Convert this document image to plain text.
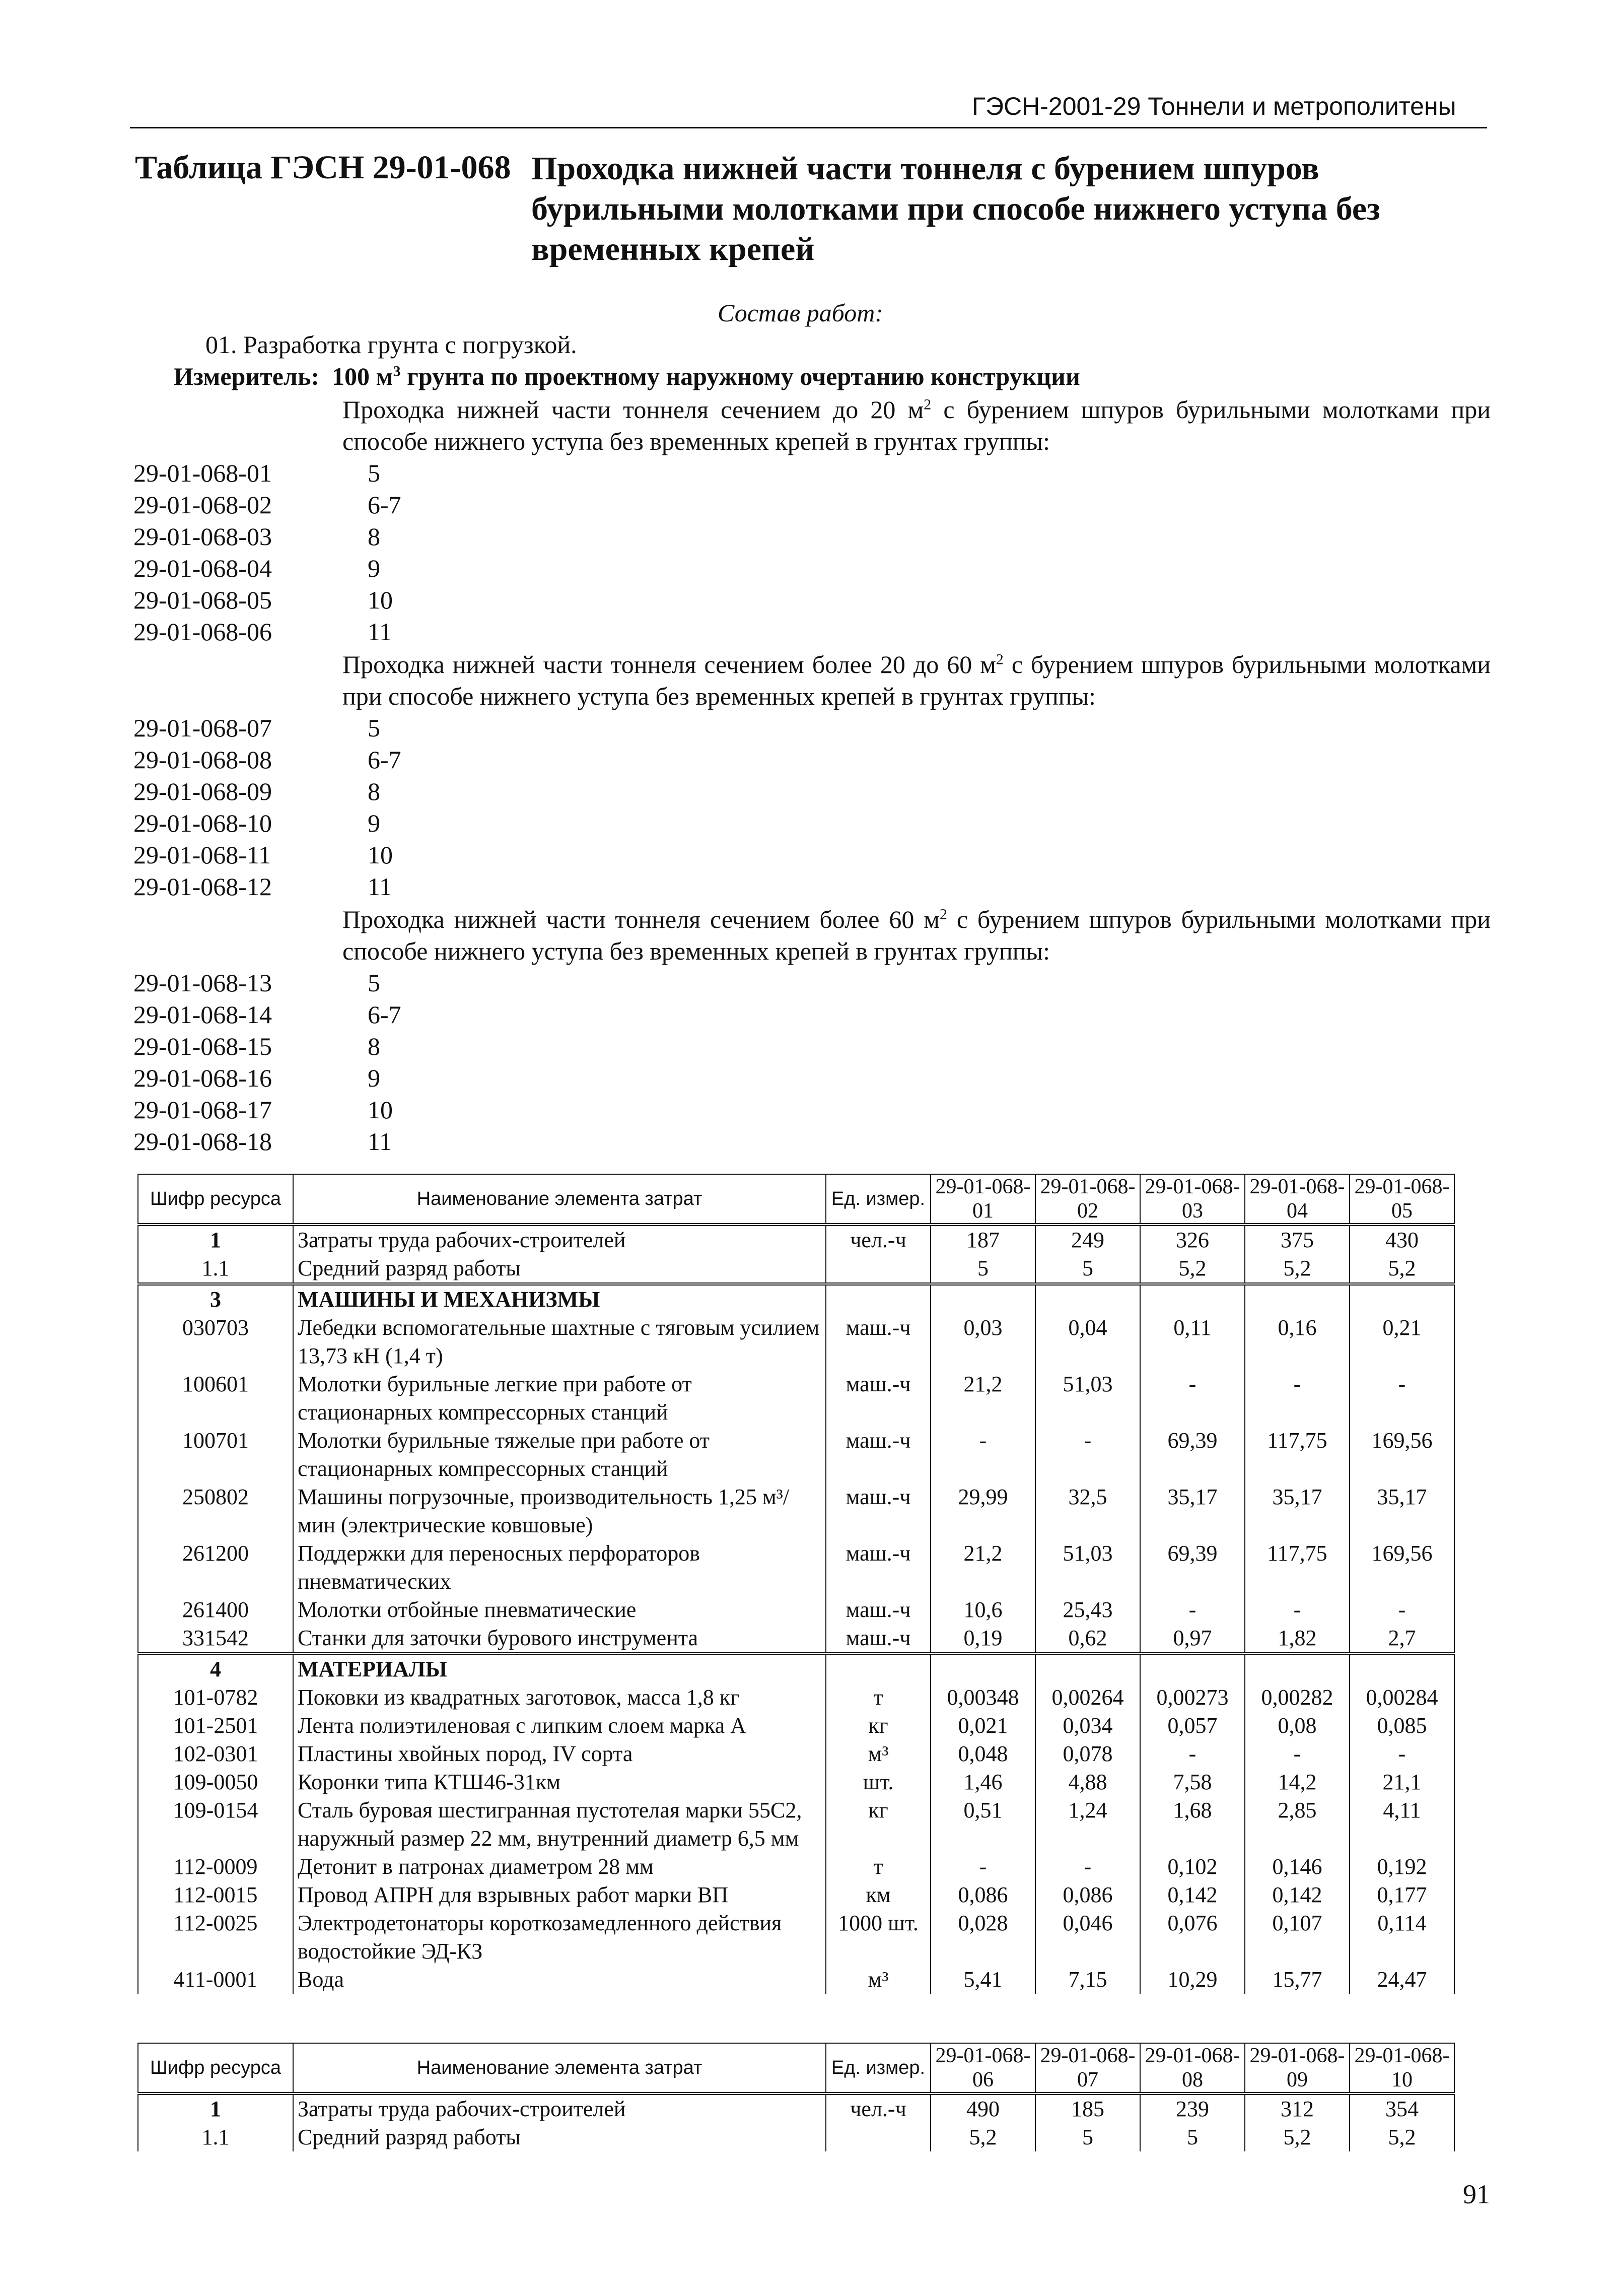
ГЭСН-2001-29 Тоннели и метрополитены
Таблица ГЭСН 29-01-068 Проходка нижней части тоннеля с бурением шпуров бурильными молотками при способе нижнего уступа без временных крепей
Состав работ:
01. Разработка грунта с погрузкой.
Измеритель: 100 $м^3$ грунта по проектному наружному очертанию конструкции
Проходка нижней части тоннеля сечением до 20 $м^2$ с бурением шпуров бурильными молотками при способе нижнего уступа без временных крепей в грунтах группы:
29-01-068-01	5
29-01-068-02	6-7
29-01-068-03	8
29-01-068-04	9
29-01-068-05	10
29-01-068-06	11
Проходка нижней части тоннеля сечением более 20 до 60 $м^2$ с бурением шпуров бурильными молотками при способе нижнего уступа без временных крепей в грунтах группы:
29-01-068-07	5
29-01-068-08	6-7
29-01-068-09	8
29-01-068-10	9
29-01-068-11	10
29-01-068-12	11
Проходка нижней части тоннеля сечением более 60 $м^2$ с бурением шпуров бурильными молотками при способе нижнего уступа без временных крепей в грунтах группы:
29-01-068-13	5
29-01-068-14	6-7
29-01-068-15	8
29-01-068-16	9
29-01-068-17	10
29-01-068-18	11
Шифр ресурса	Наименование элемента затрат	Ед. измер.	29-01-068-01	29-01-068-02	29-01-068-03	29-01-068-04	29-01-068-05
1	Затраты труда рабочих-строителей	чел.-ч	187	249	326	375	430
1.1	Средний разряд работы		5	5	5,2	5,2	5,2
3	МАШИНЫ И МЕХАНИЗМЫ						
030703	Лебедки вспомогательные шахтные с тяговым усилием 13,73 кН (1,4 т)	маш.-ч	0,03	0,04	0,11	0,16	0,21
100601	Молотки бурильные легкие при работе от стационарных компрессорных станций	маш.-ч	21,2	51,03	-	-	-
100701	Молотки бурильные тяжелые при работе от стационарных компрессорных станций	маш.-ч	-	-	69,39	117,75	169,56
250802	Машины погрузочные, производительность 1,25 м³/мин (электрические ковшовые)	маш.-ч	29,99	32,5	35,17	35,17	35,17
261200	Поддержки для переносных перфораторов пневматических	маш.-ч	21,2	51,03	69,39	117,75	169,56
261400	Молотки отбойные пневматические	маш.-ч	10,6	25,43	-	-	-
331542	Станки для заточки бурового инструмента	маш.-ч	0,19	0,62	0,97	1,82	2,7
4	МАТЕРИАЛЫ						
101-0782	Поковки из квадратных заготовок, масса 1,8 кг	т	0,00348	0,00264	0,00273	0,00282	0,00284
101-2501	Лента полиэтиленовая с липким слоем марка А	кг	0,021	0,034	0,057	0,08	0,085
102-0301	Пластины хвойных пород, IV сорта	м³	0,048	0,078	-	-	-
109-0050	Коронки типа КТШ46-31км	шт.	1,46	4,88	7,58	14,2	21,1
109-0154	Сталь буровая шестигранная пустотелая марки 55С2, наружный размер 22 мм, внутренний диаметр 6,5 мм	кг	0,51	1,24	1,68	2,85	4,11
112-0009	Детонит в патронах диаметром 28 мм	т	-	-	0,102	0,146	0,192
112-0015	Провод АПРН для взрывных работ марки ВП	км	0,086	0,086	0,142	0,142	0,177
112-0025	Электродетонаторы короткозамедленного действия водостойкие ЭД-КЗ	1000 шт.	0,028	0,046	0,076	0,107	0,114
411-0001	Вода	м³	5,41	7,15	10,29	15,77	24,47
Шифр ресурса	Наименование элемента затрат	Ед. измер.	29-01-068-06	29-01-068-07	29-01-068-08	29-01-068-09	29-01-068-10
1	Затраты труда рабочих-строителей	чел.-ч	490	185	239	312	354
1.1	Средний разряд работы		5,2	5	5	5,2	5,2
91
